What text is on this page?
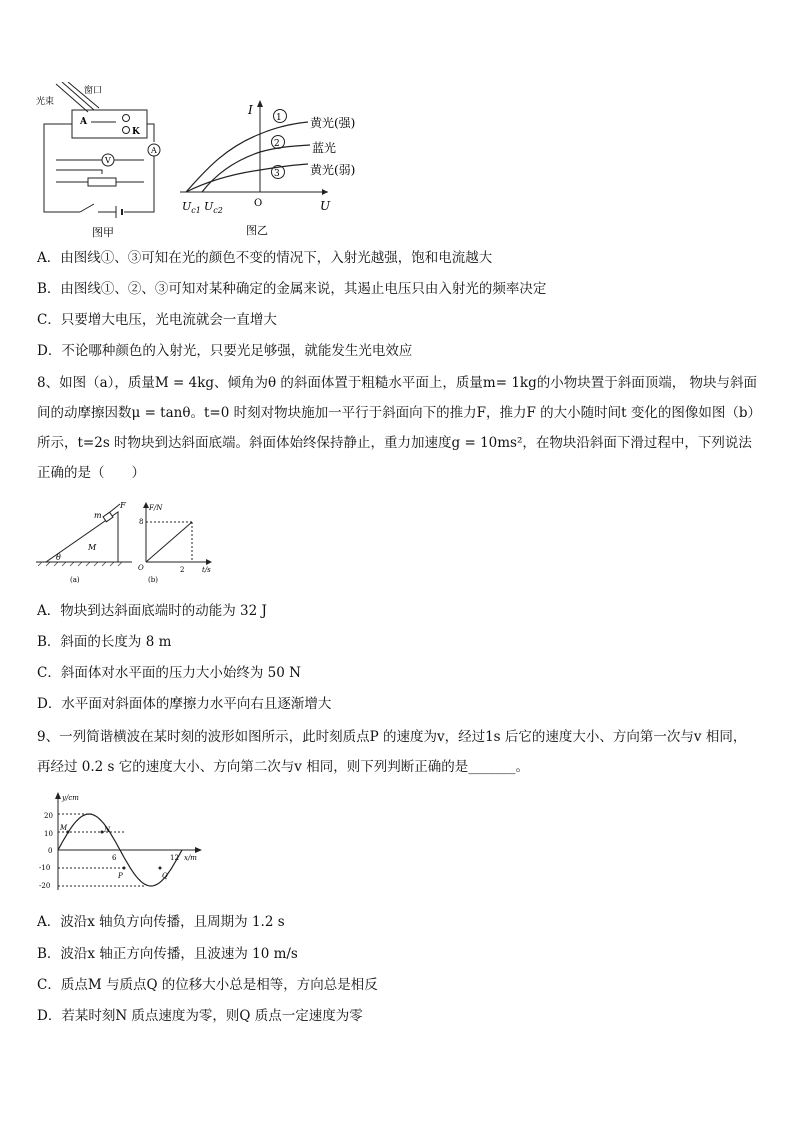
光束
窗口
A
K
A
V
图甲
I
U
O
1
2
3
黄光(强)
蓝光
黄光(弱)
$U_{c1}$ $U_{c2}$
图乙
A．由图线①、③可知在光的颜色不变的情况下，入射光越强，饱和电流越大
B．由图线①、②、③可知对某种确定的金属来说，其遏止电压只由入射光的频率决定
C．只要增大电压，光电流就会一直增大
D．不论哪种颜色的入射光，只要光足够强，就能发生光电效应
8、如图（a），质量M = 4kg、倾角为θ 的斜面体置于粗糙水平面上，质量m= 1kg的小物块置于斜面顶端， 物块与斜面间的动摩擦因数μ = tanθ。t=0 时刻对物块施加一平行于斜面向下的推力F，推力F 的大小随时间t 变化的图像如图（b）所示，t=2s 时物块到达斜面底端。斜面体始终保持静止，重力加速度g = 10ms²，在物块沿斜面下滑过程中，下列说法正确的是（　　）
F
m
M
θ
(a)
F/N
t/s
O
8
2
(b)
A．物块到达斜面底端时的动能为 32 J
B．斜面的长度为 8 m
C．斜面体对水平面的压力大小始终为 50 N
D．水平面对斜面体的摩擦力水平向右且逐渐增大
9、一列简谐横波在某时刻的波形如图所示，此时刻质点P 的速度为v，经过1s 后它的速度大小、方向第一次与v 相同，再经过 0.2 s 它的速度大小、方向第二次与v 相同，则下列判断正确的是_______。
y/cm
x/m
20
10
0
-10
-20
6	12
M	N
P	Q
A．波沿x 轴负方向传播，且周期为 1.2 s
B．波沿x 轴正方向传播，且波速为 10 m/s
C．质点M 与质点Q 的位移大小总是相等，方向总是相反
D．若某时刻N 质点速度为零，则Q 质点一定速度为零
